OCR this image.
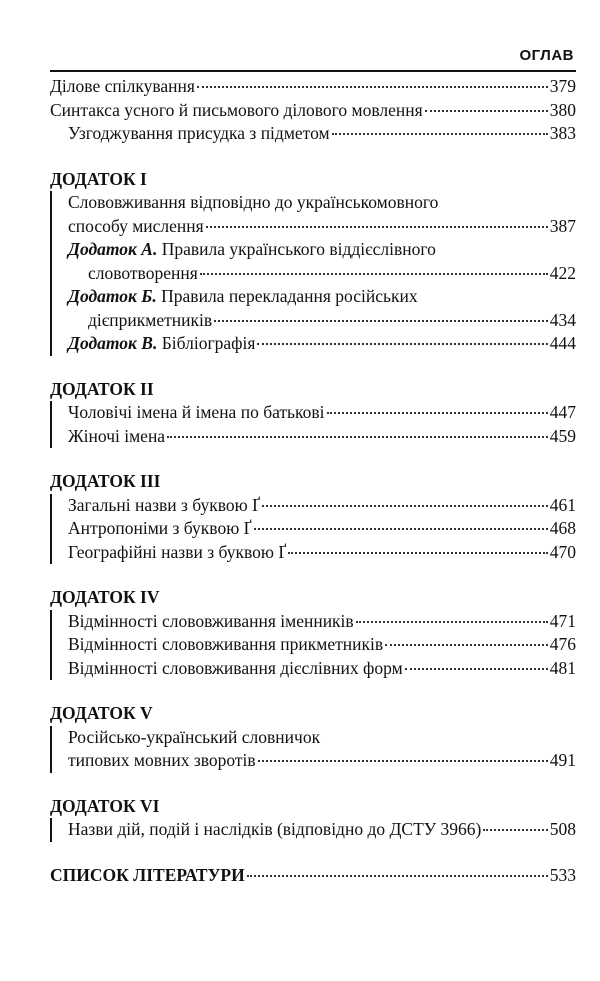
ОГЛАВ
Ділове спілкування	379
Синтакса усного й письмового ділового мовлення	380
Узгоджування присудка з підметом	383
ДОДАТОК I
Слововживання відповідно до українськомовного
способу мислення	387
Додаток А. Правила українського віддієслівного
словотворення	422
Додаток Б. Правила перекладання російських
дієприкметників	434
Додаток В. Бібліографія	444
ДОДАТОК II
Чоловічі імена й імена по батькові	447
Жіночі імена	459
ДОДАТОК III
Загальні назви з буквою Ґ	461
Антропоніми з буквою Ґ	468
Географійні назви з буквою Ґ	470
ДОДАТОК IV
Відмінності слововживання іменників	471
Відмінності слововживання прикметників	476
Відмінності слововживання дієслівних форм	481
ДОДАТОК V
Російсько-український словничок
типових мовних зворотів	491
ДОДАТОК VI
Назви дій, подій і наслідків (відповідно до ДСТУ 3966)	508
СПИСОК ЛІТЕРАТУРИ	533
